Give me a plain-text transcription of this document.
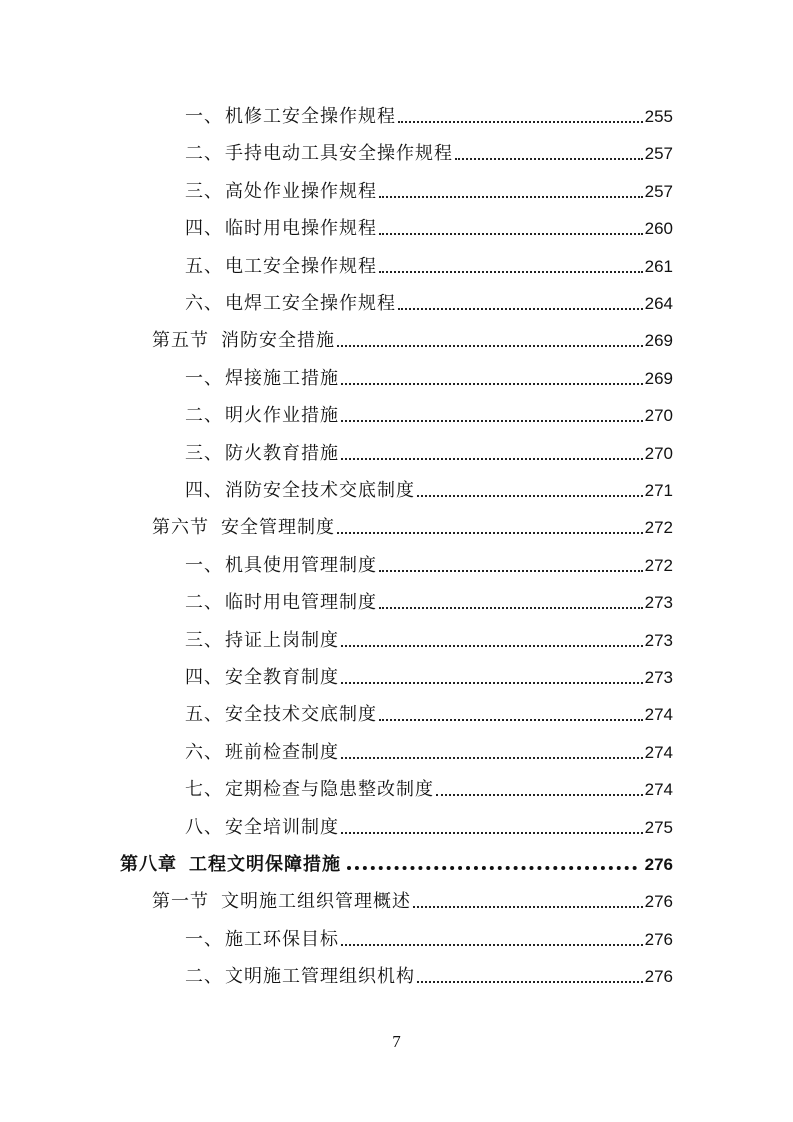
一、 机修工安全操作规程	255
二、 手持电动工具安全操作规程	257
三、 高处作业操作规程	257
四、 临时用电操作规程	260
五、 电工安全操作规程	261
六、 电焊工安全操作规程	264
第五节 消防安全措施	269
一、 焊接施工措施	269
二、 明火作业措施	270
三、 防火教育措施	270
四、 消防安全技术交底制度	271
第六节 安全管理制度	272
一、 机具使用管理制度	272
二、 临时用电管理制度	273
三、 持证上岗制度	273
四、 安全教育制度	273
五、 安全技术交底制度	274
六、 班前检查制度	274
七、 定期检查与隐患整改制度	274
八、 安全培训制度	275
第八章 工程文明保障措施	276
第一节 文明施工组织管理概述	276
一、 施工环保目标	276
二、 文明施工管理组织机构	276
7
